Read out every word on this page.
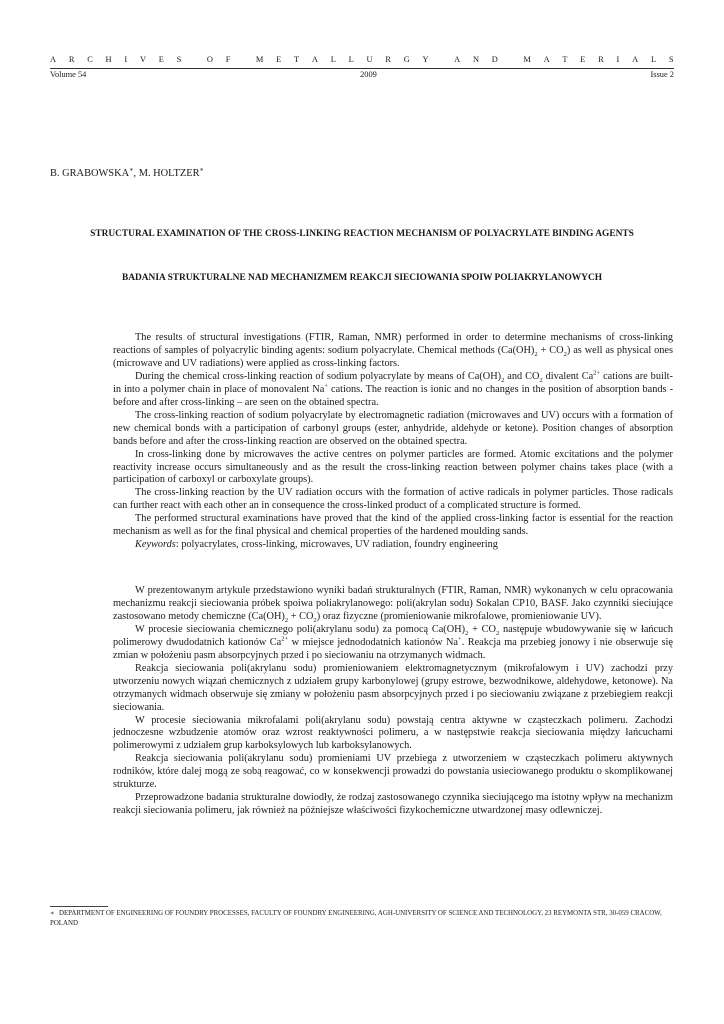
A R C H I V E S	O F	M E T A L L U R G Y	A N D	M A T E R I A L S
Volume 54	2009	Issue 2
B. GRABOWSKA∗, M. HOLTZER∗
STRUCTURAL EXAMINATION OF THE CROSS-LINKING REACTION MECHANISM OF POLYACRYLATE BINDING AGENTS
BADANIA STRUKTURALNE NAD MECHANIZMEM REAKCJI SIECIOWANIA SPOIW POLIAKRYLANOWYCH

The results of structural investigations (FTIR, Raman, NMR) performed in order to determine mechanisms of cross-linking reactions of samples of polyacrylic binding agents: sodium polyacrylate. Chemical methods $(Ca(OH)_2 + CO_2)$ as well as physical ones (microwave and UV radiations) were applied as cross-linking factors.

During the chemical cross-linking reaction of sodium polyacrylate by means of $Ca(OH)_2$ and $CO_2$ divalent $Ca^{2+}$ cations are built-in into a polymer chain in place of monovalent Na+ cations. The reaction is ionic and no changes in the position of absorption bands - before and after cross-linking – are seen on the obtained spectra.

The cross-linking reaction of sodium polyacrylate by electromagnetic radiation (microwaves and UV) occurs with a formation of new chemical bonds with a participation of carbonyl groups (ester, anhydride, aldehyde or ketone). Position changes of absorption bands before and after the cross-linking reaction are observed on the obtained spectra.

In cross-linking done by microwaves the active centres on polymer particles are formed. Atomic excitations and the polymer reactivity increase occurs simultaneously and as the result the cross-linking reaction between polymer chains takes place (with a participation of carboxyl or carboxylate groups).

The cross-linking reaction by the UV radiation occurs with the formation of active radicals in polymer particles. Those radicals can further react with each other an in consequence the cross-linked product of a complicated structure is formed.

The performed structural examinations have proved that the kind of the applied cross-linking factor is essential for the reaction mechanism as well as for the final physical and chemical properties of the hardened moulding sands.

Keywords: polyacrylates, cross-linking, microwaves, UV radiation, foundry engineering

W prezentowanym artykule przedstawiono wyniki badań strukturalnych (FTIR, Raman, NMR) wykonanych w celu opracowania mechanizmu reakcji sieciowania próbek spoiwa poliakrylanowego: poli(akrylan sodu) Sokalan CP10, BASF. Jako czynniki sieciujące zastosowano metody chemiczne $(Ca(OH)_2 + CO_2)$ oraz fizyczne (promieniowanie mikrofalowe, promieniowanie UV).

W procesie sieciowania chemicznego poli(akrylanu sodu) za pomocą $Ca(OH)_2 + CO_2$ następuje wbudowywanie się w łańcuch polimerowy dwudodatnich kationów $Ca^{2+}$ w miejsce jednododatnich kationów Na+. Reakcja ma przebieg jonowy i nie obserwuje się zmian w położeniu pasm absorpcyjnych przed i po sieciowaniu na otrzymanych widmach.

Reakcja sieciowania poli(akrylanu sodu) promieniowaniem elektromagnetycznym (mikrofalowym i UV) zachodzi przy utworzeniu nowych wiązań chemicznych z udziałem grupy karbonylowej (grupy estrowe, bezwodnikowe, aldehydowe, ketonowe). Na otrzymanych widmach obserwuje się zmiany w położeniu pasm absorpcyjnych przed i po sieciowaniu związane z przebiegiem reakcji sieciowania.

W procesie sieciowania mikrofalami poli(akrylanu sodu) powstają centra aktywne w cząsteczkach polimeru. Zachodzi jednoczesne wzbudzenie atomów oraz wzrost reaktywności polimeru, a w następstwie reakcja sieciowania między łańcuchami polimerowymi z udziałem grup karboksylowych lub karboksylanowych.

Reakcja sieciowania poli(akrylanu sodu) promieniami UV przebiega z utworzeniem w cząsteczkach polimeru aktywnych rodników, które dalej mogą ze sobą reagować, co w konsekwencji prowadzi do powstania usieciowanego produktu o skomplikowanej strukturze.

Przeprowadzone badania strukturalne dowiodły, że rodzaj zastosowanego czynnika sieciującego ma istotny wpływ na mechanizm reakcji sieciowania polimeru, jak również na późniejsze właściwości fizykochemiczne utwardzonej masy odlewniczej.

∗ DEPARTMENT OF ENGINEERING OF FOUNDRY PROCESSES, FACULTY OF FOUNDRY ENGINEERING, AGH-UNIVERSITY OF SCIENCE AND TECHNOLOGY, 23 REYMONTA STR, 30-059 CRACOW, POLAND
